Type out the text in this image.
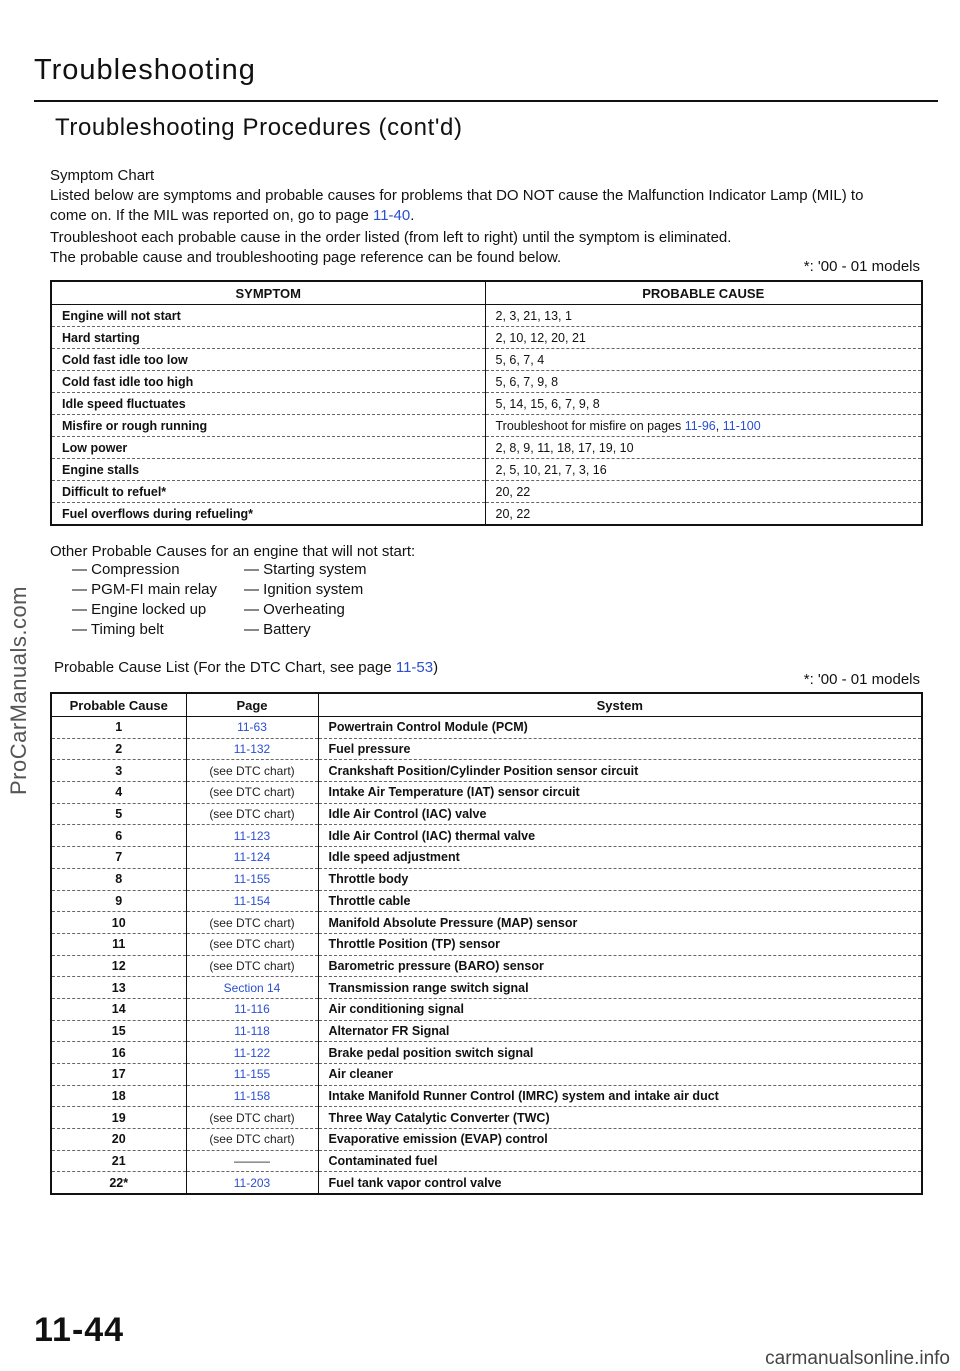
Troubleshooting
Troubleshooting Procedures (cont'd)
Symptom Chart
Listed below are symptoms and probable causes for problems that DO NOT cause the Malfunction Indicator Lamp (MIL) to
come on. If the MIL was reported on, go to page 11-40.
Troubleshoot each probable cause in the order listed (from left to right) until the symptom is eliminated.
The probable cause and troubleshooting page reference can be found below.
*: '00 - 01 models
SYMPTOM	PROBABLE CAUSE
Engine will not start	2, 3, 21, 13, 1
Hard starting	2, 10, 12, 20, 21
Cold fast idle too low	5, 6, 7, 4
Cold fast idle too high	5, 6, 7, 9, 8
Idle speed fluctuates	5, 14, 15, 6, 7, 9, 8
Misfire or rough running	Troubleshoot for misfire on pages 11-96, 11-100
Low power	2, 8, 9, 11, 18, 17, 19, 10
Engine stalls	2, 5, 10, 21, 7, 3, 16
Difficult to refuel*	20, 22
Fuel overflows during refueling*	20, 22
Other Probable Causes for an engine that will not start:
— Compression
— PGM-FI main relay
— Engine locked up
— Timing belt
— Starting system
— Ignition system
— Overheating
— Battery
Probable Cause List (For the DTC Chart, see page 11-53)
*: '00 - 01 models
Probable Cause	Page	System
1	11-63	Powertrain Control Module (PCM)
2	11-132	Fuel pressure
3	(see DTC chart)	Crankshaft Position/Cylinder Position sensor circuit
4	(see DTC chart)	Intake Air Temperature (IAT) sensor circuit
5	(see DTC chart)	Idle Air Control (IAC) valve
6	11-123	Idle Air Control (IAC) thermal valve
7	11-124	Idle speed adjustment
8	11-155	Throttle body
9	11-154	Throttle cable
10	(see DTC chart)	Manifold Absolute Pressure (MAP) sensor
11	(see DTC chart)	Throttle Position (TP) sensor
12	(see DTC chart)	Barometric pressure (BARO) sensor
13	Section 14	Transmission range switch signal
14	11-116	Air conditioning signal
15	11-118	Alternator FR Signal
16	11-122	Brake pedal position switch signal
17	11-155	Air cleaner
18	11-158	Intake Manifold Runner Control (IMRC) system and intake air duct
19	(see DTC chart)	Three Way Catalytic Converter (TWC)
20	(see DTC chart)	Evaporative emission (EVAP) control
21	———	Contaminated fuel
22*	11-203	Fuel tank vapor control valve
ProCarManuals.com
11-44
carmanualsonline.info
